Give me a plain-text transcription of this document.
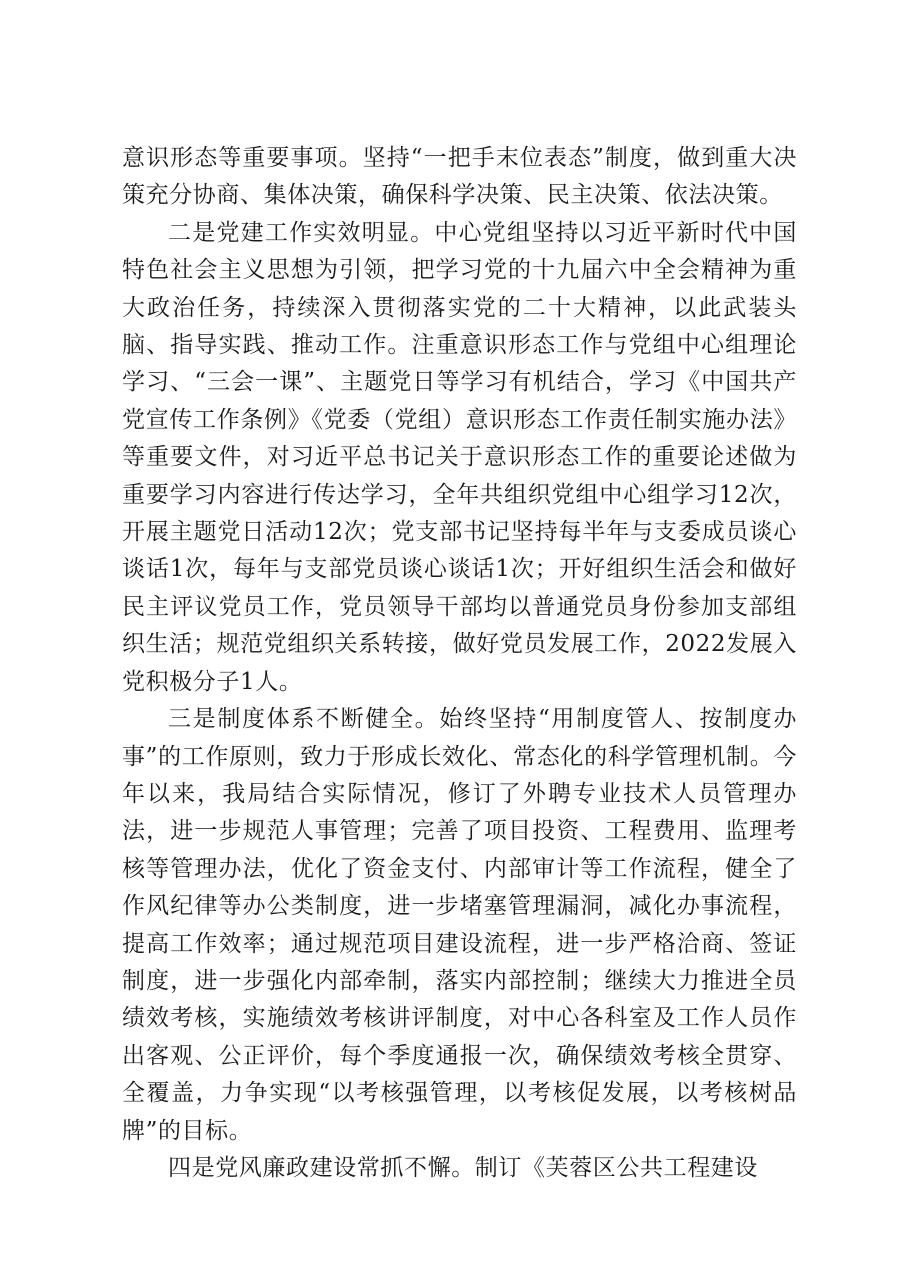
意识形态等重要事项。坚持“一把手末位表态”制度，做到重大决策充分协商、集体决策，确保科学决策、民主决策、依法决策。

二是党建工作实效明显。中心党组坚持以习近平新时代中国特色社会主义思想为引领，把学习党的十九届六中全会精神为重大政治任务，持续深入贯彻落实党的二十大精神，以此武装头脑、指导实践、推动工作。注重意识形态工作与党组中心组理论学习、“三会一课”、主题党日等学习有机结合，学习《中国共产党宣传工作条例》《党委（党组）意识形态工作责任制实施办法》等重要文件，对习近平总书记关于意识形态工作的重要论述做为重要学习内容进行传达学习，全年共组织党组中心组学习12次，开展主题党日活动12次；党支部书记坚持每半年与支委成员谈心谈话1次，每年与支部党员谈心谈话1次；开好组织生活会和做好民主评议党员工作，党员领导干部均以普通党员身份参加支部组织生活；规范党组织关系转接，做好党员发展工作，2022发展入党积极分子1人。

三是制度体系不断健全。始终坚持“用制度管人、按制度办事”的工作原则，致力于形成长效化、常态化的科学管理机制。今年以来，我局结合实际情况，修订了外聘专业技术人员管理办法，进一步规范人事管理；完善了项目投资、工程费用、监理考核等管理办法，优化了资金支付、内部审计等工作流程，健全了作风纪律等办公类制度，进一步堵塞管理漏洞，减化办事流程，提高工作效率；通过规范项目建设流程，进一步严格洽商、签证制度，进一步强化内部牵制，落实内部控制；继续大力推进全员绩效考核，实施绩效考核讲评制度，对中心各科室及工作人员作出客观、公正评价，每个季度通报一次，确保绩效考核全贯穿、全覆盖，力争实现“以考核强管理，以考核促发展，以考核树品牌”的目标。

四是党风廉政建设常抓不懈。制订《芙蓉区公共工程建设
